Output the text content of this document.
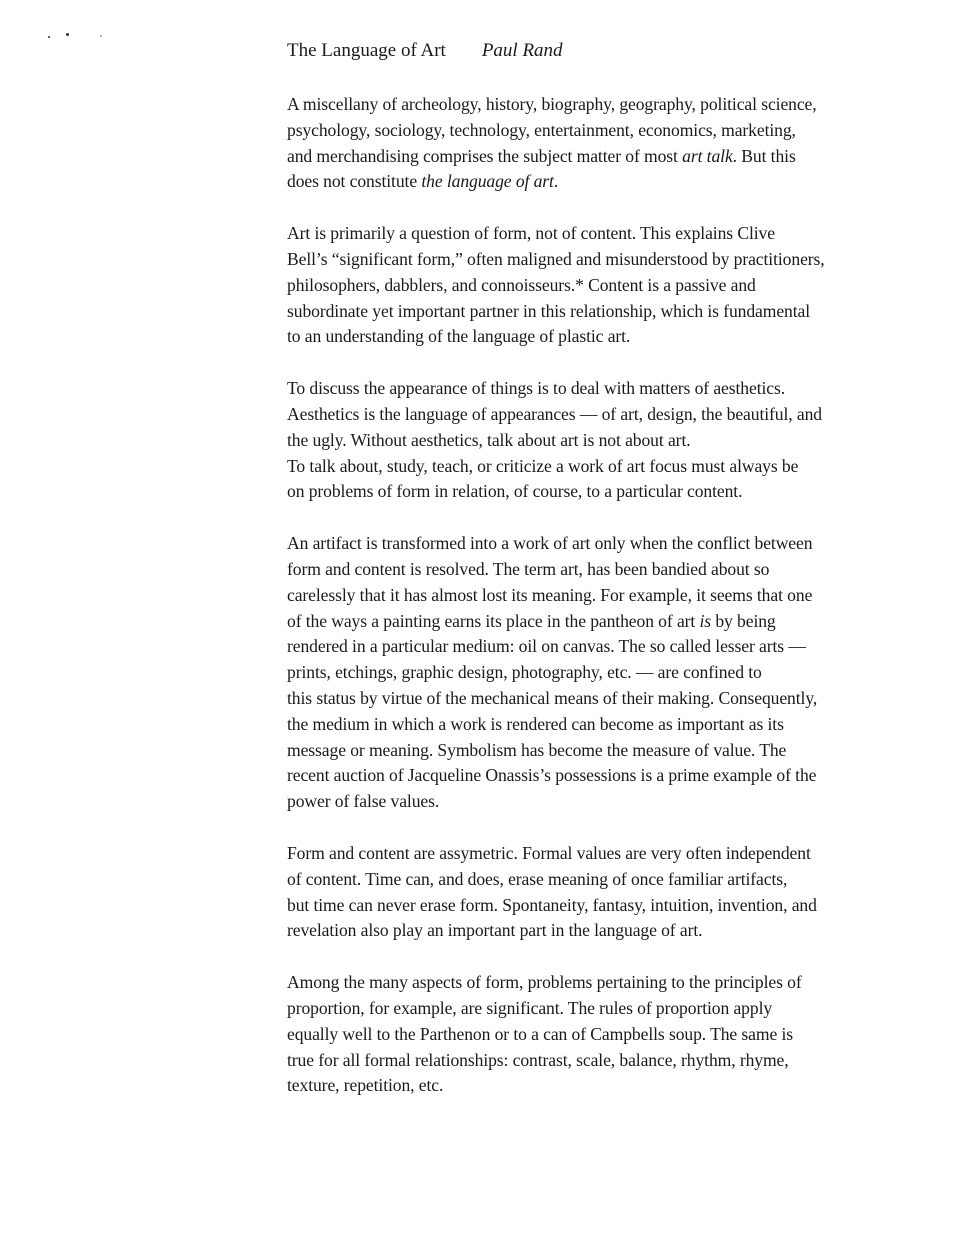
The Language of Art Paul Rand

A miscellany of archeology, history, biography, geography, political science,
psychology, sociology, technology, entertainment, economics, marketing,
and merchandising comprises the subject matter of most art talk. But this
does not constitute the language of art.

Art is primarily a question of form, not of content. This explains Clive
Bell’s “significant form,” often maligned and misunderstood by practitioners,
philosophers, dabblers, and connoisseurs.* Content is a passive and
subordinate yet important partner in this relationship, which is fundamental
to an understanding of the language of plastic art.

To discuss the appearance of things is to deal with matters of aesthetics.
Aesthetics is the language of appearances — of art, design, the beautiful, and
the ugly. Without aesthetics, talk about art is not about art.
To talk about, study, teach, or criticize a work of art focus must always be
on problems of form in relation, of course, to a particular content.

An artifact is transformed into a work of art only when the conflict between
form and content is resolved. The term art, has been bandied about so
carelessly that it has almost lost its meaning. For example, it seems that one
of the ways a painting earns its place in the pantheon of art is by being
rendered in a particular medium: oil on canvas. The so called lesser arts —
prints, etchings, graphic design, photography, etc. — are confined to
this status by virtue of the mechanical means of their making. Consequently,
the medium in which a work is rendered can become as important as its
message or meaning. Symbolism has become the measure of value. The
recent auction of Jacqueline Onassis’s possessions is a prime example of the
power of false values.

Form and content are assymetric. Formal values are very often independent
of content. Time can, and does, erase meaning of once familiar artifacts,
but time can never erase form. Spontaneity, fantasy, intuition, invention, and
revelation also play an important part in the language of art.

Among the many aspects of form, problems pertaining to the principles of
proportion, for example, are significant. The rules of proportion apply
equally well to the Parthenon or to a can of Campbells soup. The same is
true for all formal relationships: contrast, scale, balance, rhythm, rhyme,
texture, repetition, etc.
